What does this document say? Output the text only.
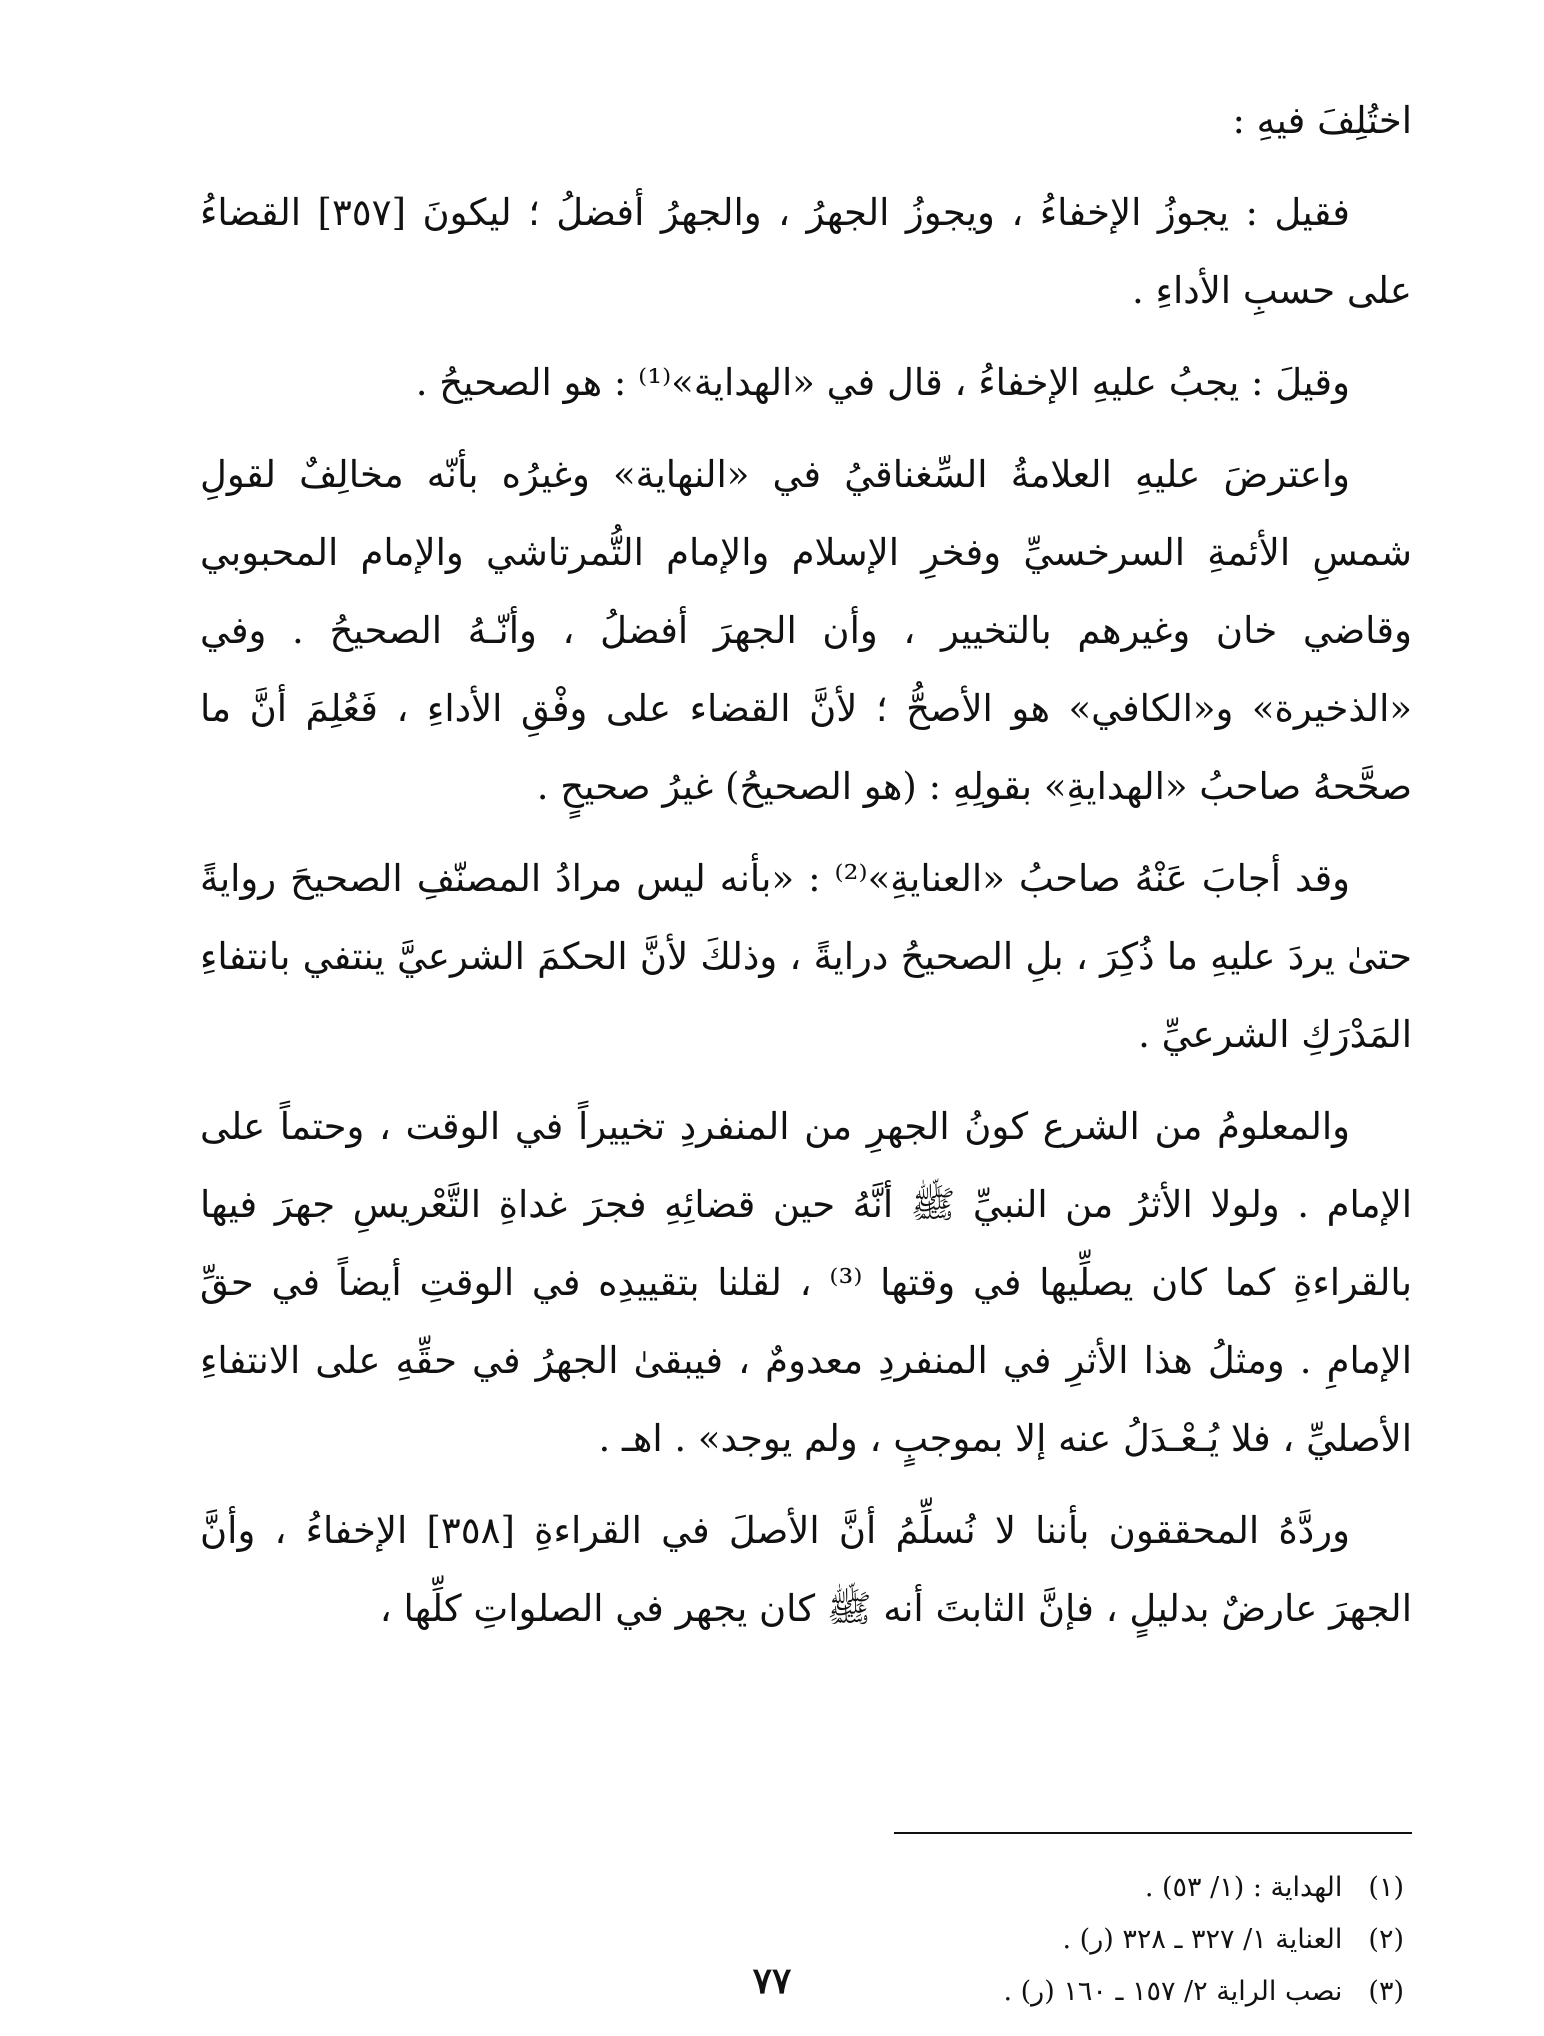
اختُلِفَ فيهِ :

فقيل : يجوزُ الإخفاءُ ، ويجوزُ الجهرُ ، والجهرُ أفضلُ ؛ ليكونَ [٣٥٧] القضاءُ على حسبِ الأداءِ .

وقيلَ : يجبُ عليهِ الإخفاءُ ، قال في «الهداية»⁽¹⁾ : هو الصحيحُ .

واعترضَ عليهِ العلامةُ السِّغناقيُ في «النهاية» وغيرُه بأنّه مخالِفٌ لقولِ شمسِ الأئمةِ السرخسيِّ وفخرِ الإسلام والإمام التُّمرتاشي والإمام المحبوبي وقاضي خان وغيرهم بالتخيير ، وأن الجهرَ أفضلُ ، وأنّـهُ الصحيحُ . وفي «الذخيرة» و«الكافي» هو الأصحُّ ؛ لأنَّ القضاء على وفْقِ الأداءِ ، فَعُلِمَ أنَّ ما صحَّحهُ صاحبُ «الهدايةِ» بقولِهِ : (هو الصحيحُ) غيرُ صحيحٍ .

وقد أجابَ عَنْهُ صاحبُ «العنايةِ»⁽²⁾ : «بأنه ليس مرادُ المصنّفِ الصحيحَ روايةً حتىٰ يردَ عليهِ ما ذُكِرَ ، بلِ الصحيحُ درايةً ، وذلكَ لأنَّ الحكمَ الشرعيَّ ينتفي بانتفاءِ المَدْرَكِ الشرعيِّ .

والمعلومُ من الشرع كونُ الجهرِ من المنفردِ تخييراً في الوقت ، وحتماً على الإمام . ولولا الأثرُ من النبيِّ ﷺ أنَّهُ حين قضائِهِ فجرَ غداةِ التَّعْريسِ جهرَ فيها بالقراءةِ كما كان يصلِّيها في وقتها ⁽³⁾ ، لقلنا بتقييدِه في الوقتِ أيضاً في حقِّ الإمامِ . ومثلُ هذا الأثرِ في المنفردِ معدومٌ ، فيبقىٰ الجهرُ في حقِّهِ على الانتفاءِ الأصليِّ ، فلا يُـعْـدَلُ عنه إلا بموجبٍ ، ولم يوجد» . اهـ .

وردَّهُ المحققون بأننا لا نُسلِّمُ أنَّ الأصلَ في القراءةِ [٣٥٨] الإخفاءُ ، وأنَّ الجهرَ عارضٌ بدليلٍ ، فإنَّ الثابتَ أنه ﷺ كان يجهر في الصلواتِ كلِّها ،

(١)
الهداية : (١/ ٥٣) .
(٢)
العناية ١/ ٣٢٧ ـ ٣٢٨ (ر) .
(٣)
نصب الراية ٢/ ١٥٧ ـ ١٦٠ (ر) .
٧٧
